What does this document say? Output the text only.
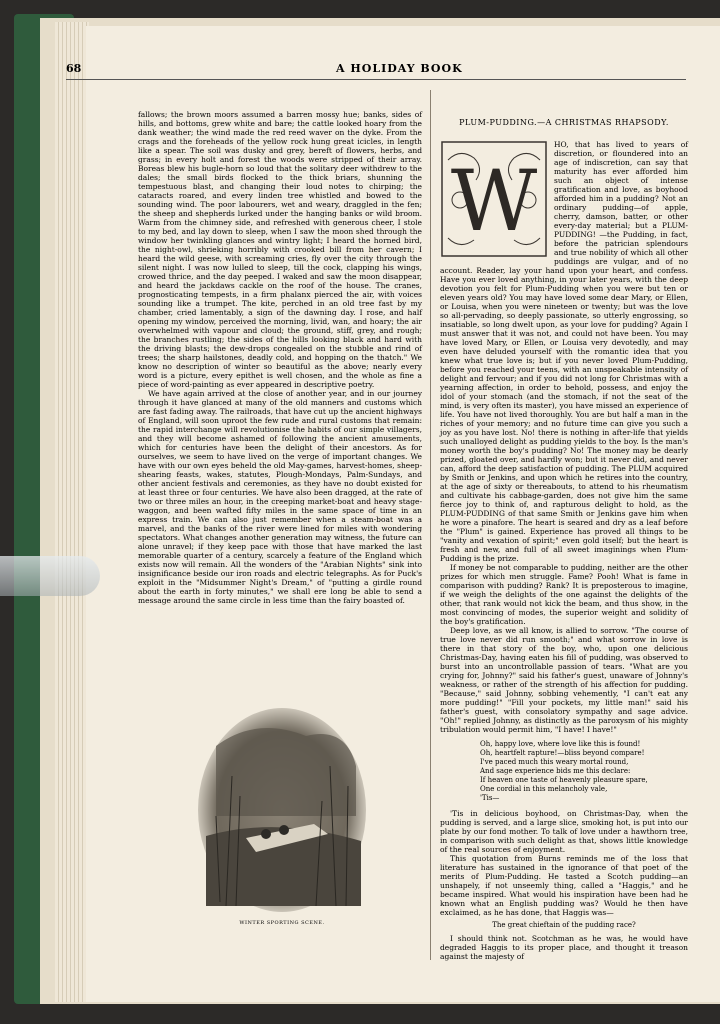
68	A HOLIDAY BOOK

fallows; the brown moors assumed a barren mossy hue; banks, sides of hills, and bottoms, grew white and bare; the cattle looked hoary from the dank weather; the wind made the red reed waver on the dyke. From the crags and the foreheads of the yellow rock hung great icicles, in length like a spear. The soil was dusky and grey, bereft of flowers, herbs, and grass; in every holt and forest the woods were stripped of their array. Boreas blew his bugle-horn so loud that the solitary deer withdrew to the dales; the small birds flocked to the thick briars, shunning the tempestuous blast, and changing their loud notes to chirping; the cataracts roared, and every linden tree whistled and bowed to the sounding wind. The poor labourers, wet and weary, draggled in the fen; the sheep and shepherds lurked under the hanging banks or wild broom. Warm from the chimney side, and refreshed with generous cheer, I stole to my bed, and lay down to sleep, when I saw the moon shed through the window her twinkling glances and wintry light; I heard the horned bird, the night-owl, shrieking horribly with crooked bill from her cavern; I heard the wild geese, with screaming cries, fly over the city through the silent night. I was now lulled to sleep, till the cock, clapping his wings, crowed thrice, and the day peeped. I waked and saw the moon disappear, and heard the jackdaws cackle on the roof of the house. The cranes, prognosticating tempests, in a firm phalanx pierced the air, with voices sounding like a trumpet. The kite, perched in an old tree fast by my chamber, cried lamentably, a sign of the dawning day. I rose, and half opening my window, perceived the morning, livid, wan, and hoary; the air overwhelmed with vapour and cloud; the ground, stiff, grey, and rough; the branches rustling; the sides of the hills looking black and hard with the driving blasts; the dew-drops congealed on the stubble and rind of trees; the sharp hailstones, deadly cold, and hopping on the thatch." We know no description of winter so beautiful as the above; nearly every word is a picture, every epithet is well chosen, and the whole as fine a piece of word-painting as ever appeared in descriptive poetry.

We have again arrived at the close of another year, and in our journey through it have glanced at many of the old manners and customs which are fast fading away. The railroads, that have cut up the ancient highways of England, will soon uproot the few rude and rural customs that remain: the rapid interchange will revolutionise the habits of our simple villagers, and they will become ashamed of following the ancient amusements, which for centuries have been the delight of their ancestors. As for ourselves, we seem to have lived on the verge of important changes. We have with our own eyes beheld the old May-games, harvest-homes, sheep-shearing feasts, wakes, statutes, Plough-Mondays, Palm-Sundays, and other ancient festivals and ceremonies, as they have no doubt existed for at least three or four centuries. We have also been dragged, at the rate of two or three miles an hour, in the creeping market-boat and heavy stage-waggon, and been wafted fifty miles in the same space of time in an express train. We can also just remember when a steam-boat was a marvel, and the banks of the river were lined for miles with wondering spectators. What changes another generation may witness, the future can alone unravel; if they keep pace with those that have marked the last memorable quarter of a century, scarcely a feature of the England which exists now will remain. All the wonders of the "Arabian Nights" sink into insignificance beside our iron roads and electric telegraphs. As for Puck's exploit in the "Midsummer Night's Dream," of "putting a girdle round about the earth in forty minutes," we shall ere long be able to send a message around the same circle in less time than the fairy boasted of.

WINTER SPORTING SCENE.
PLUM-PUDDING.—A CHRISTMAS RHAPSODY.
W

HO, that has lived to years of discretion, or floundered into an age of indiscretion, can say that maturity has ever afforded him such an object of intense gratification and love, as boyhood afforded him in a pudding? Not an ordinary pudding—of apple, cherry, damson, batter, or other every-day material; but a PLUM-PUDDING! —the Pudding, in fact, before the patrician splendours and true nobility of which all other puddings are vulgar, and of no account. Reader, lay your hand upon your heart, and confess. Have you ever loved anything, in your later years, with the deep devotion you felt for Plum-Pudding when you were but ten or eleven years old? You may have loved some dear Mary, or Ellen, or Louisa, when you were nineteen or twenty; but was the love so all-pervading, so deeply passionate, so utterly engrossing, so insatiable, so long dwelt upon, as your love for pudding? Again I must answer that it was not, and could not have been. You may have loved Mary, or Ellen, or Louisa very devotedly, and may even have deluded yourself with the romantic idea that you knew what true love is; but if you never loved Plum-Pudding, before you reached your teens, with an unspeakable intensity of delight and fervour; and if you did not long for Christmas with a yearning affection, in order to behold, possess, and enjoy the idol of your stomach (and the stomach, if not the seat of the mind, is very often its master), you have missed an experience of life. You have not lived thoroughly. You are but half a man in the riches of your memory; and no future time can give you such a joy as you have lost. No! there is nothing in after-life that yields such unalloyed delight as pudding yields to the boy. Is the man's money worth the boy's pudding? No! The money may be dearly prized, gloated over, and hardly won; but it never did, and never can, afford the deep satisfaction of pudding. The PLUM acquired by Smith or Jenkins, and upon which he retires into the country, at the age of sixty or thereabouts, to attend to his rheumatism and cultivate his cabbage-garden, does not give him the same fierce joy to think of, and rapturous delight to hold, as the PLUM-PUDDING of that same Smith or Jenkins gave him when he wore a pinafore. The heart is seared and dry as a leaf before the "Plum" is gained. Experience has proved all things to be "vanity and vexation of spirit;" even gold itself; but the heart is fresh and new, and full of all sweet imaginings when Plum-Pudding is the prize.

If money be not comparable to pudding, neither are the other prizes for which men struggle. Fame? Pooh! What is fame in comparison with pudding? Rank? It is preposterous to imagine, if we weigh the delights of the one against the delights of the other, that rank would not kick the beam, and thus show, in the most convincing of modes, the superior weight and solidity of the boy's gratification.

Deep love, as we all know, is allied to sorrow. "The course of true love never did run smooth;" and what sorrow in love is there in that story of the boy, who, upon one delicious Christmas-Day, having eaten his fill of pudding, was observed to burst into an uncontrollable passion of tears. "What are you crying for, Johnny?" said his father's guest, unaware of Johnny's weakness, or rather of the strength of his affection for pudding. "Because," said Johnny, sobbing vehemently, "I can't eat any more pudding!" "Fill your pockets, my little man!" said his father's guest, with consolatory sympathy and sage advice. "Oh!" replied Johnny, as distinctly as the paroxysm of his mighty tribulation would permit him, "I have! I have!"

Oh, happy love, where love like this is found!
Oh, heartfelt rapture!—bliss beyond compare!
I've paced much this weary mortal round,
And sage experience bids me this declare:
If heaven one taste of heavenly pleasure spare,
One cordial in this melancholy vale,
'Tis—

'Tis in delicious boyhood, on Christmas-Day, when the pudding is served, and a large slice, smoking hot, is put into our plate by our fond mother. To talk of love under a hawthorn tree, in comparison with such delight as that, shows little knowledge of the real sources of enjoyment.

This quotation from Burns reminds me of the loss that literature has sustained in the ignorance of that poet of the merits of Plum-Pudding. He tasted a Scotch pudding—an unshapely, if not unseemly thing, called a "Haggis," and he became inspired. What would his inspiration have been had he known what an English pudding was? Would he then have exclaimed, as he has done, that Haggis was—

The great chieftain of the pudding race?

I should think not. Scotchman as he was, he would have degraded Haggis to its proper place, and thought it treason against the majesty of
